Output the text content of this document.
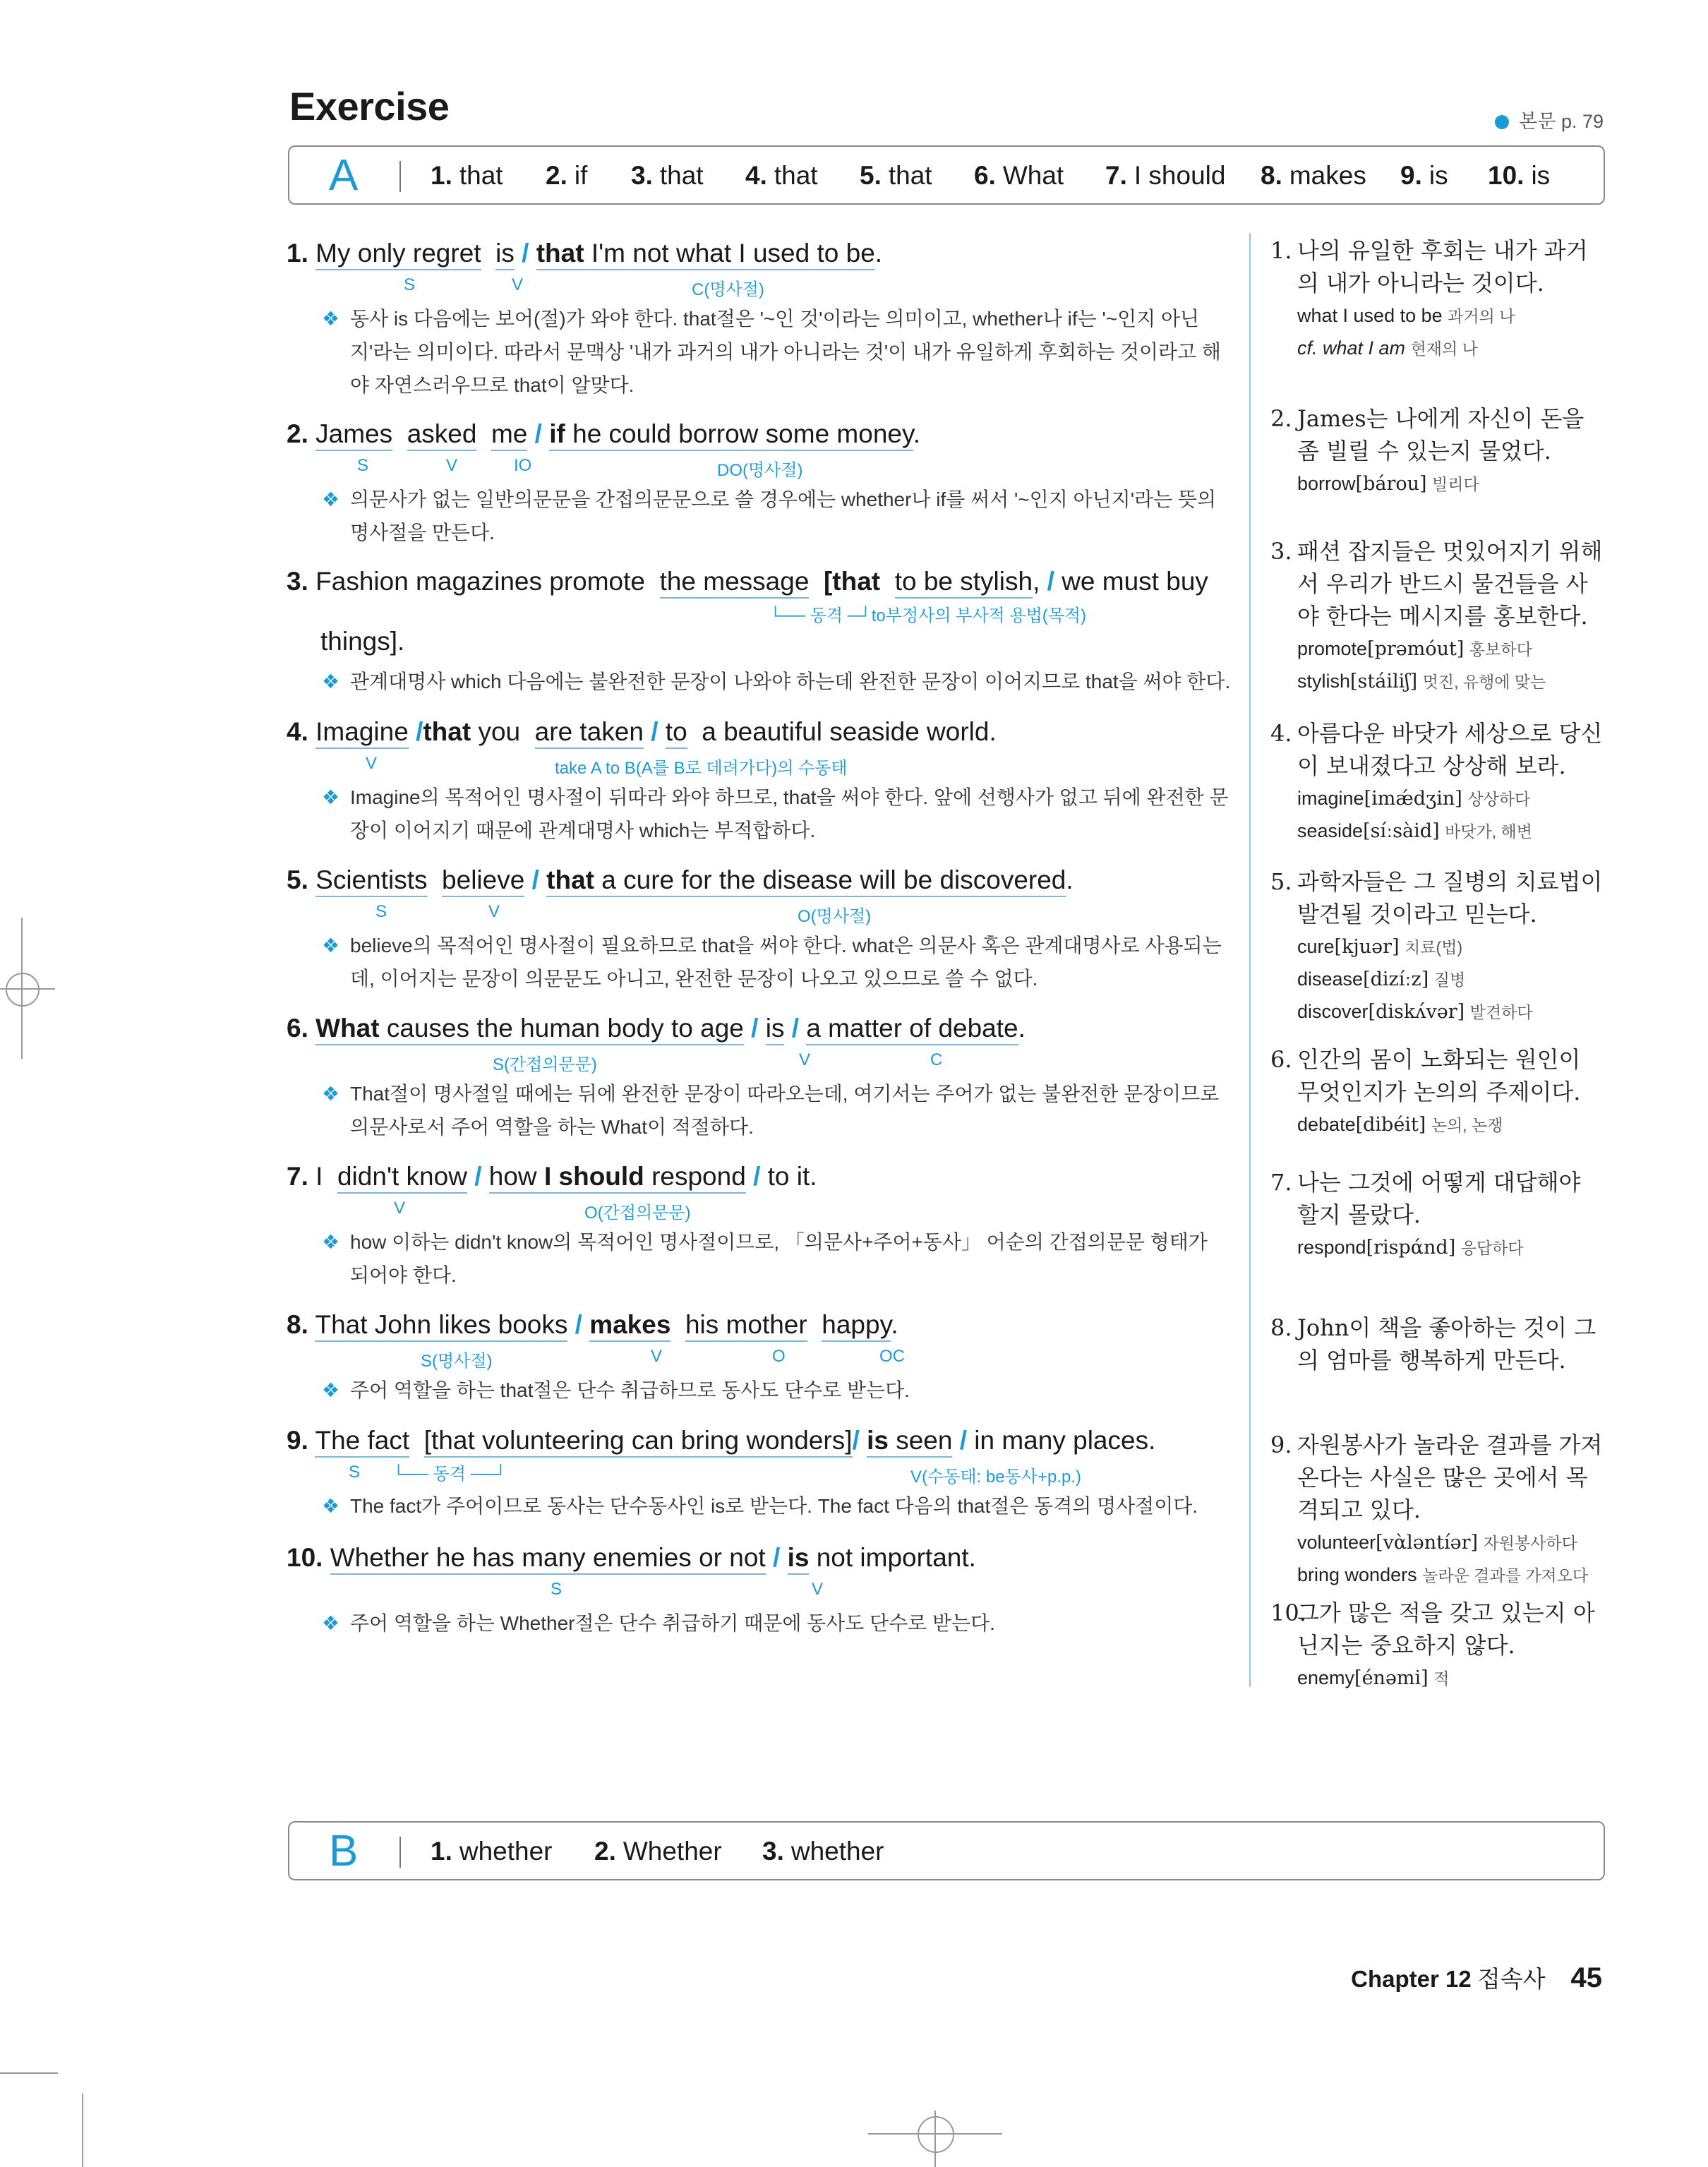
Exercise	본문 p. 79
A	1. that 2. if 3. that 4. that 5. that 6. What 7. I should 8. makes 9. is 10. is
1. My only regret is / that I'm not what I used to be.
S	V	C(명사절)
❖ 동사 is 다음에는 보어(절)가 와야 한다. that절은 '~인 것'이라는 의미이고, whether나 if는 '~인지 아닌지'라는 의미이다. 따라서 문맥상 '내가 과거의 내가 아니라는 것'이 내가 유일하게 후회하는 것이라고 해야 자연스러우므로 that이 알맞다.
2. James asked me / if he could borrow some money.
S	V	IO	DO(명사절)
❖ 의문사가 없는 일반의문문을 간접의문문으로 쓸 경우에는 whether나 if를 써서 '~인지 아닌지'라는 뜻의 명사절을 만든다.
3. Fashion magazines promote the message [that to be stylish, / we must buy
└── 동격 ─┘to부정사의 부사적 용법(목적)
things].
❖ 관계대명사 which 다음에는 불완전한 문장이 나와야 하는데 완전한 문장이 이어지므로 that을 써야 한다.
4. Imagine /that you are taken / to a beautiful seaside world.
V	take A to B(A를 B로 데려가다)의 수동태
❖ Imagine의 목적어인 명사절이 뒤따라 와야 하므로, that을 써야 한다. 앞에 선행사가 없고 뒤에 완전한 문장이 이어지기 때문에 관계대명사 which는 부적합하다.
5. Scientists believe / that a cure for the disease will be discovered.
S	V	O(명사절)
❖ believe의 목적어인 명사절이 필요하므로 that을 써야 한다. what은 의문사 혹은 관계대명사로 사용되는데, 이어지는 문장이 의문문도 아니고, 완전한 문장이 나오고 있으므로 쓸 수 없다.
6. What causes the human body to age / is / a matter of debate.
S(간접의문문)	V	C
❖ That절이 명사절일 때에는 뒤에 완전한 문장이 따라오는데, 여기서는 주어가 없는 불완전한 문장이므로 의문사로서 주어 역할을 하는 What이 적절하다.
7. I didn't know / how I should respond / to it.
V	O(간접의문문)
❖ how 이하는 didn't know의 목적어인 명사절이므로, 「의문사+주어+동사」 어순의 간접의문문 형태가 되어야 한다.
8. That John likes books / makes his mother happy.
S(명사절)	V	O	OC
❖ 주어 역할을 하는 that절은 단수 취급하므로 동사도 단수로 받는다.
9. The fact [that volunteering can bring wonders]/ is seen / in many places.
S └── 동격 ──┘	V(수동태: be동사+p.p.)
❖ The fact가 주어이므로 동사는 단수동사인 is로 받는다. The fact 다음의 that절은 동격의 명사절이다.
10. Whether he has many enemies or not / is not important.
S	V
❖ 주어 역할을 하는 Whether절은 단수 취급하기 때문에 동사도 단수로 받는다.
1. 나의 유일한 후회는 내가 과거의 내가 아니라는 것이다.
what I used to be 과거의 나
cf. what I am 현재의 나
2. James는 나에게 자신이 돈을 좀 빌릴 수 있는지 물었다.
borrow[bárou] 빌리다
3. 패션 잡지들은 멋있어지기 위해서 우리가 반드시 물건들을 사야 한다는 메시지를 홍보한다.
promote[prəmóut] 홍보하다
stylish[stáiliʃ] 멋진, 유행에 맞는
4. 아름다운 바닷가 세상으로 당신이 보내졌다고 상상해 보라.
imagine[imǽdʒin] 상상하다
seaside[síːsàid] 바닷가, 해변
5. 과학자들은 그 질병의 치료법이 발견될 것이라고 믿는다.
cure[kjuər] 치료(법)
disease[dizíːz] 질병
discover[diskʌ́vər] 발견하다
6. 인간의 몸이 노화되는 원인이 무엇인지가 논의의 주제이다.
debate[dibéit] 논의, 논쟁
7. 나는 그것에 어떻게 대답해야 할지 몰랐다.
respond[rispάnd] 응답하다
8. John이 책을 좋아하는 것이 그의 엄마를 행복하게 만든다.
9. 자원봉사가 놀라운 결과를 가져온다는 사실은 많은 곳에서 목격되고 있다.
volunteer[vὰləntíər] 자원봉사하다
bring wonders 놀라운 결과를 가져오다
10.
그가 많은 적을 갖고 있는지 아닌지는 중요하지 않다.
enemy[énəmi] 적
B	1. whether 2. Whether 3. whether
Chapter 12 접속사 45
